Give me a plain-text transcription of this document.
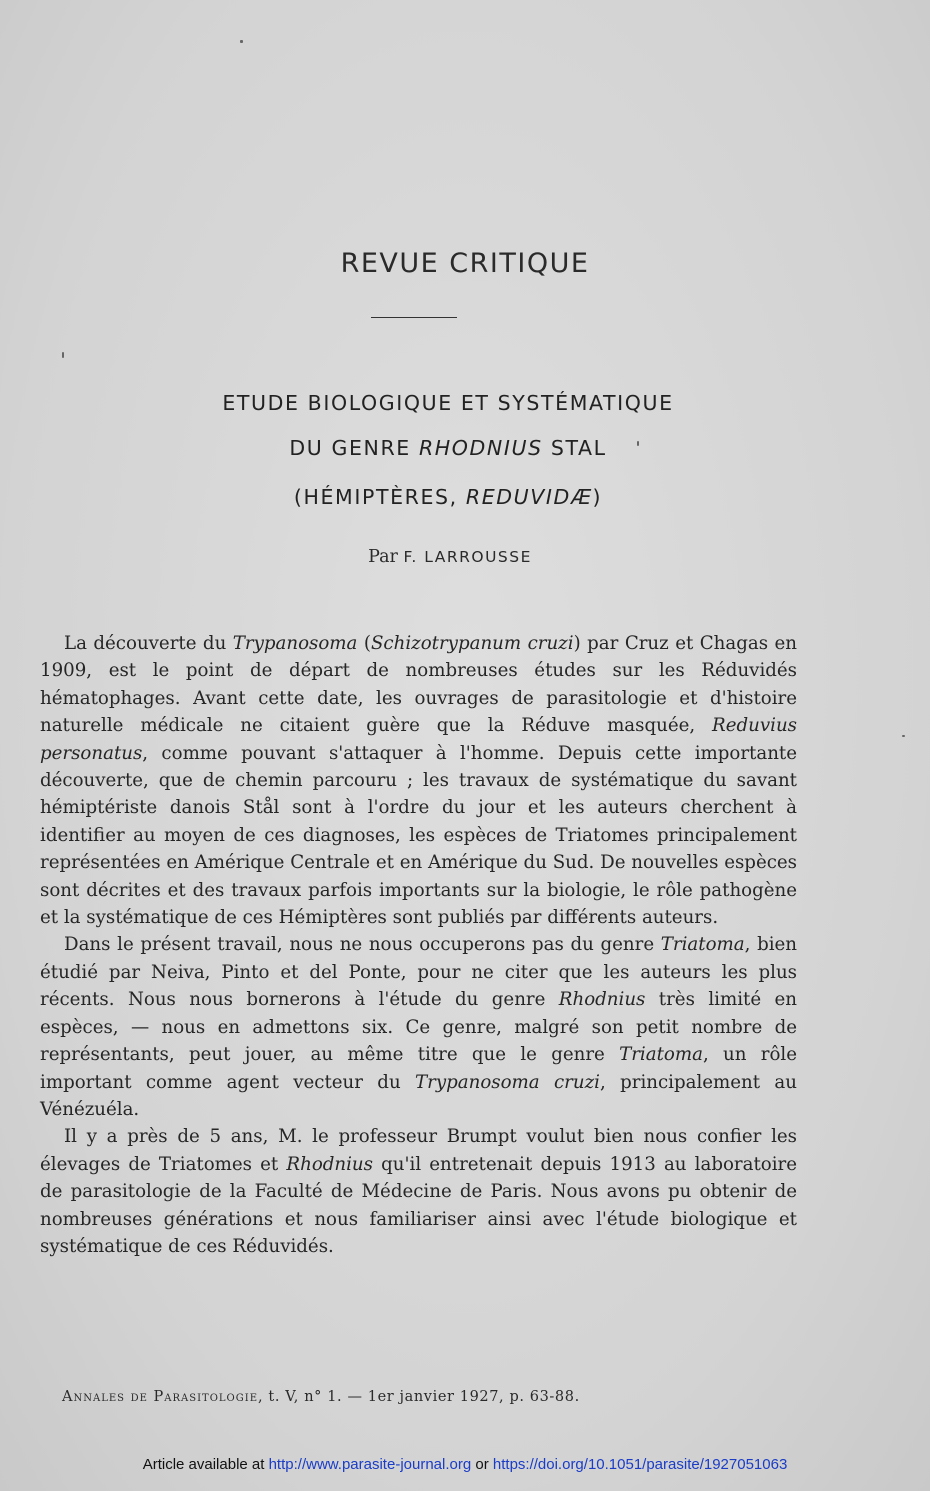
REVUE CRITIQUE
ETUDE BIOLOGIQUE ET SYSTÉMATIQUE
DU GENRE RHODNIUS STAL
(HÉMIPTÈRES, REDUVIDÆ)
Par F. LARROUSSE

La découverte du Trypanosoma (Schizotrypanum cruzi) par Cruz et Chagas en 1909, est le point de départ de nombreuses études sur les Réduvidés hématophages. Avant cette date, les ouvrages de parasitologie et d'histoire naturelle médicale ne citaient guère que la Réduve masquée, Reduvius personatus, comme pouvant s'attaquer à l'homme. Depuis cette importante découverte, que de chemin parcouru ; les travaux de systématique du savant hémiptériste danois Stål sont à l'ordre du jour et les auteurs cherchent à identifier au moyen de ces diagnoses, les espèces de Triatomes principalement représentées en Amérique Centrale et en Amérique du Sud. De nouvelles espèces sont décrites et des travaux parfois importants sur la biologie, le rôle pathogène et la systématique de ces Hémiptères sont publiés par différents auteurs.

Dans le présent travail, nous ne nous occuperons pas du genre Triatoma, bien étudié par Neiva, Pinto et del Ponte, pour ne citer que les auteurs les plus récents. Nous nous bornerons à l'étude du genre Rhodnius très limité en espèces, — nous en admettons six. Ce genre, malgré son petit nombre de représentants, peut jouer, au même titre que le genre Triatoma, un rôle important comme agent vecteur du Trypanosoma cruzi, principalement au Vénézuéla.

Il y a près de 5 ans, M. le professeur Brumpt voulut bien nous confier les élevages de Triatomes et Rhodnius qu'il entretenait depuis 1913 au laboratoire de parasitologie de la Faculté de Médecine de Paris. Nous avons pu obtenir de nombreuses générations et nous familiariser ainsi avec l'étude biologique et systématique de ces Réduvidés.

Annales de Parasitologie, t. V, n° 1. — 1er janvier 1927, p. 63-88.
Article available at http://www.parasite-journal.org or https://doi.org/10.1051/parasite/1927051063
